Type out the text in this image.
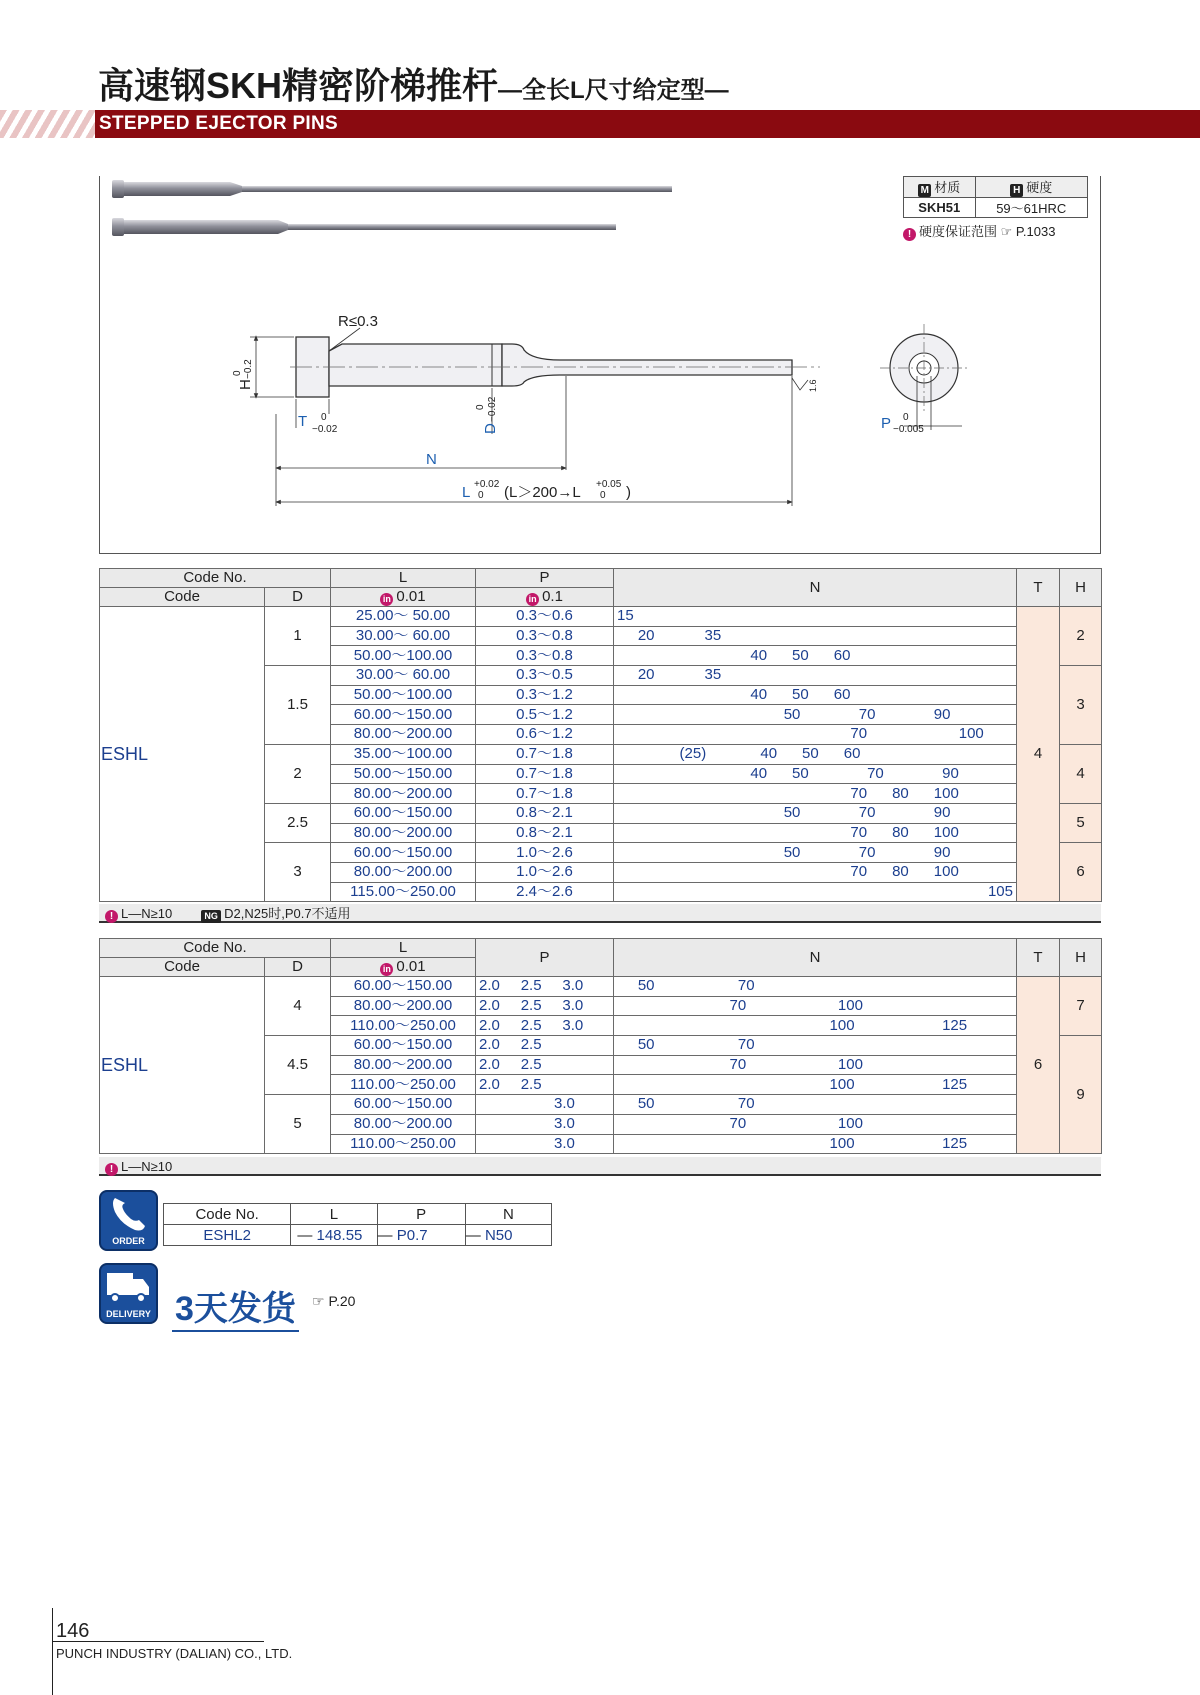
高速钢SKH精密阶梯推杆—全长L尺寸给定型—
STEPPED EJECTOR PINS
M 材质	H 硬度
SKH51	59～61HRC
! 硬度保证范围 ☞ P.1033
R≤0.3
H
0 −0.2
T 0
−0.02	D
0 −0.02
1.6
N
L +0.02
0 (L＞200→L +0.05
0 )
P 0
−0.005
Code No.		L	P	N	T	H
Code	D	in 0.01	in 0.1			
ESHL	1	25.00～ 50.00	0.3～0.6	15	4	2
		30.00～ 60.00	0.3～0.8	20            35		
		50.00～100.00	0.3～0.8	40      50      60		
	1.5	30.00～ 60.00	0.3～0.5	20            35		3
		50.00～100.00	0.3～1.2	40      50      60		
		60.00～150.00	0.5～1.2	50              70              90		
		80.00～200.00	0.6～1.2	70                      100		
	2	35.00～100.00	0.7～1.8	(25)             40      50      60		4
		50.00～150.00	0.7～1.8	40      50              70              90		
		80.00～200.00	0.7～1.8	70      80      100		
	2.5	60.00～150.00	0.8～2.1	50              70              90		5
		80.00～200.00	0.8～2.1	70      80      100		
	3	60.00～150.00	1.0～2.6	50              70              90		6
		80.00～200.00	1.0～2.6	70      80      100		
		115.00～250.00	2.4～2.6	105		
! L—N≥10	NG D2,N25时,P0.7不适用
Code No.		L	P	N	T	H
Code	D	in 0.01				
ESHL	4	60.00～150.00	2.0     2.5     3.0	50                    70	6	7
		80.00～200.00	2.0     2.5     3.0	70                      100		
		110.00～250.00	2.0     2.5     3.0	100                     125		
	4.5	60.00～150.00	2.0     2.5	50                    70		9
		80.00～200.00	2.0     2.5	70                      100		
		110.00～250.00	2.0     2.5	100                     125		
	5	60.00～150.00	3.0	50                    70		
		80.00～200.00	3.0	70                      100		
		110.00～250.00	3.0	100                     125		
! L—N≥10
ORDER
Code No.	L	P	N
ESHL2	— 148.55	— P0.7	— N50
DELIVERY 3天发货 ☞ P.20
146
PUNCH INDUSTRY (DALIAN) CO., LTD.
